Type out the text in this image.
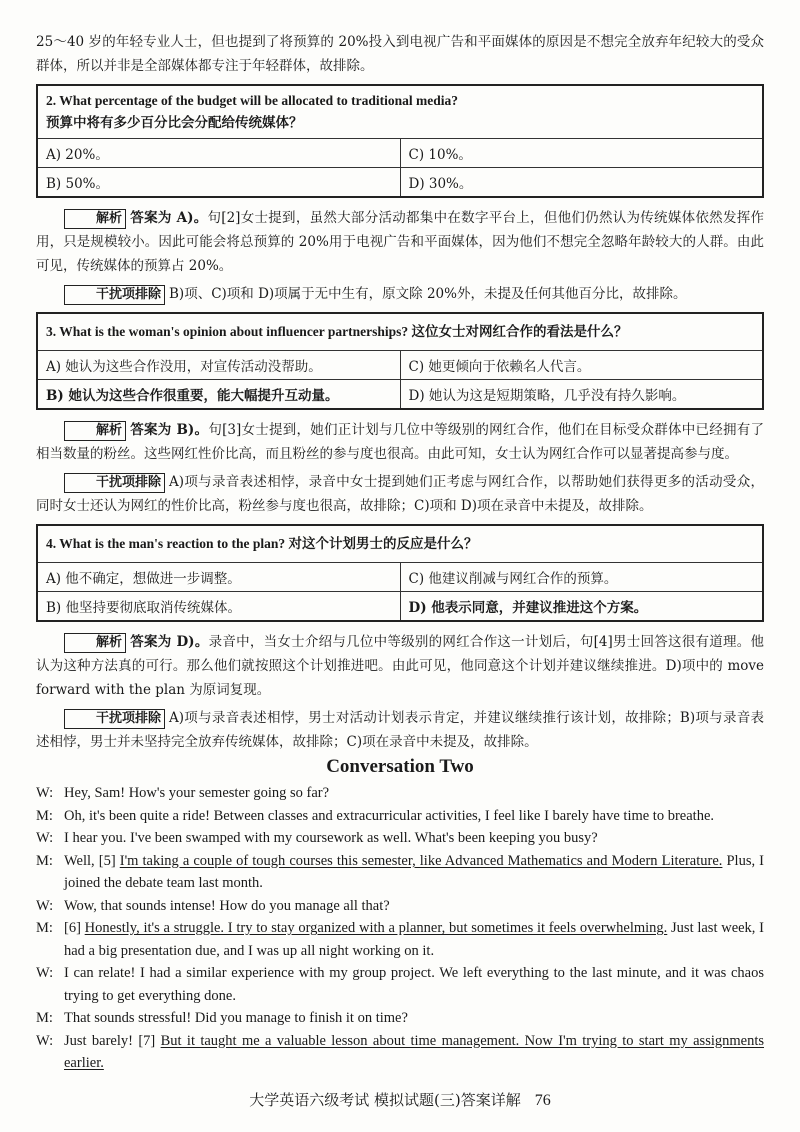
25～40 岁的年轻专业人士，但也提到了将预算的 20%投入到电视广告和平面媒体的原因是不想完全放弃年纪较大的受众群体，所以并非是全部媒体都专注于年轻群体，故排除。

2. What percentage of the budget will be allocated to traditional media?
预算中将有多少百分比会分配给传统媒体？	

A) 20%。	C) 10%。
B) 50%。	D) 30%。

解析 答案为 A)。句[2]女士提到，虽然大部分活动都集中在数字平台上，但他们仍然认为传统媒体依然发挥作用，只是规模较小。因此可能会将总预算的 20%用于电视广告和平面媒体，因为他们不想完全忽略年龄较大的人群。由此可见，传统媒体的预算占 20%。

干扰项排除 B)项、C)项和 D)项属于无中生有，原文除 20%外，未提及任何其他百分比，故排除。

3. What is the woman's opinion about influencer partnerships? 这位女士对网红合作的看法是什么？	
A) 她认为这些合作没用，对宣传活动没帮助。	C) 她更倾向于依赖名人代言。
B) 她认为这些合作很重要，能大幅提升互动量。	D) 她认为这是短期策略，几乎没有持久影响。

解析 答案为 B)。句[3]女士提到，她们正计划与几位中等级别的网红合作，他们在目标受众群体中已经拥有了相当数量的粉丝。这些网红性价比高，而且粉丝的参与度也很高。由此可知，女士认为网红合作可以显著提高参与度。

干扰项排除 A)项与录音表述相悖，录音中女士提到她们正考虑与网红合作，以帮助她们获得更多的活动受众，同时女士还认为网红的性价比高，粉丝参与度也很高，故排除；C)项和 D)项在录音中未提及，故排除。

4. What is the man's reaction to the plan? 对这个计划男士的反应是什么？	
A) 他不确定，想做进一步调整。	C) 他建议削减与网红合作的预算。
B) 他坚持要彻底取消传统媒体。	D) 他表示同意，并建议推进这个方案。

解析 答案为 D)。录音中，当女士介绍与几位中等级别的网红合作这一计划后，句[4]男士回答这很有道理。他认为这种方法真的可行。那么他们就按照这个计划推进吧。由此可见，他同意这个计划并建议继续推进。D)项中的 move forward with the plan 为原词复现。

干扰项排除 A)项与录音表述相悖，男士对活动计划表示肯定，并建议继续推行该计划，故排除；B)项与录音表述相悖，男士并未坚持完全放弃传统媒体，故排除；C)项在录音中未提及，故排除。

Conversation Two
W: Hey, Sam! How's your semester going so far?
M: Oh, it's been quite a ride! Between classes and extracurricular activities, I feel like I barely have time to breathe.
W: I hear you. I've been swamped with my coursework as well. What's been keeping you busy?
M: Well, [5] I'm taking a couple of tough courses this semester, like Advanced Mathematics and Modern Literature. Plus, I joined the debate team last month.
W: Wow, that sounds intense! How do you manage all that?
M: [6] Honestly, it's a struggle. I try to stay organized with a planner, but sometimes it feels overwhelming. Just last week, I had a big presentation due, and I was up all night working on it.
W: I can relate! I had a similar experience with my group project. We left everything to the last minute, and it was chaos trying to get everything done.
M: That sounds stressful! Did you manage to finish it on time?
W: Just barely! [7] But it taught me a valuable lesson about time management. Now I'm trying to start my assignments earlier.
大学英语六级考试 模拟试题(三)答案详解 76
